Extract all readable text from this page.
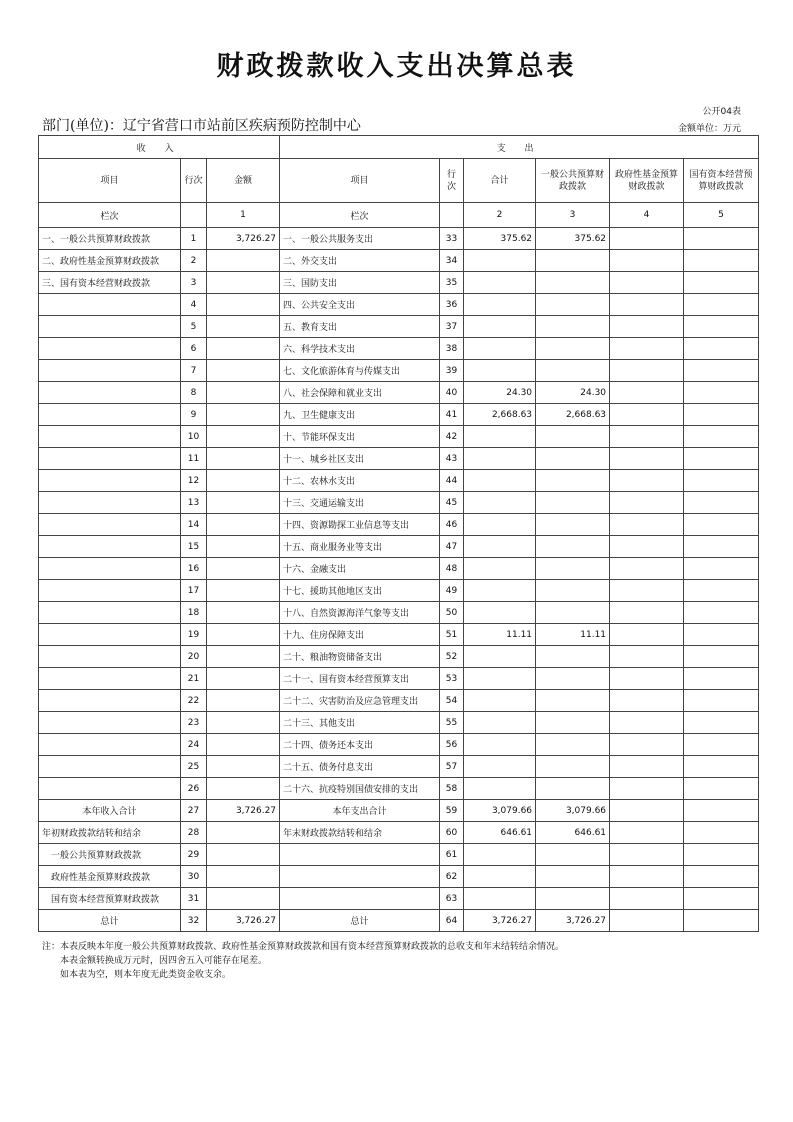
财政拨款收入支出决算总表
公开04表
部门(单位)：辽宁省营口市站前区疾病预防控制中心	金额单位：万元
收 入			支 出					
项目	行次	金额	项目	行次	合计	一般公共预算财政拨款	政府性基金预算财政拨款	国有资本经营预算财政拨款
栏次		1	栏次		2	3	4	5
一、一般公共预算财政拨款	1	3,726.27	一、一般公共服务支出	33	375.62	375.62		
二、政府性基金预算财政拨款	2		二、外交支出	34				
三、国有资本经营财政拨款	3		三、国防支出	35				
	4		四、公共安全支出	36				
	5		五、教育支出	37				
	6		六、科学技术支出	38				
	7		七、文化旅游体育与传媒支出	39				
	8		八、社会保障和就业支出	40	24.30	24.30		
	9		九、卫生健康支出	41	2,668.63	2,668.63		
	10		十、节能环保支出	42				
	11		十一、城乡社区支出	43				
	12		十二、农林水支出	44				
	13		十三、交通运输支出	45				
	14		十四、资源勘探工业信息等支出	46				
	15		十五、商业服务业等支出	47				
	16		十六、金融支出	48				
	17		十七、援助其他地区支出	49				
	18		十八、自然资源海洋气象等支出	50				
	19		十九、住房保障支出	51	11.11	11.11		
	20		二十、粮油物资储备支出	52				
	21		二十一、国有资本经营预算支出	53				
	22		二十二、灾害防治及应急管理支出	54				
	23		二十三、其他支出	55				
	24		二十四、债务还本支出	56				
	25		二十五、债务付息支出	57				
	26		二十六、抗疫特别国债安排的支出	58				
本年收入合计	27	3,726.27	本年支出合计	59	3,079.66	3,079.66		
年初财政拨款结转和结余	28		年末财政拨款结转和结余	60	646.61	646.61		
一般公共预算财政拨款	29			61				
政府性基金预算财政拨款	30			62				
国有资本经营预算财政拨款	31			63				
总计	32	3,726.27	总计	64	3,726.27	3,726.27		
注：本表反映本年度一般公共预算财政拨款、政府性基金预算财政拨款和国有资本经营预算财政拨款的总收支和年末结转结余情况。
本表金额转换成万元时，因四舍五入可能存在尾差。
如本表为空，则本年度无此类资金收支余。
